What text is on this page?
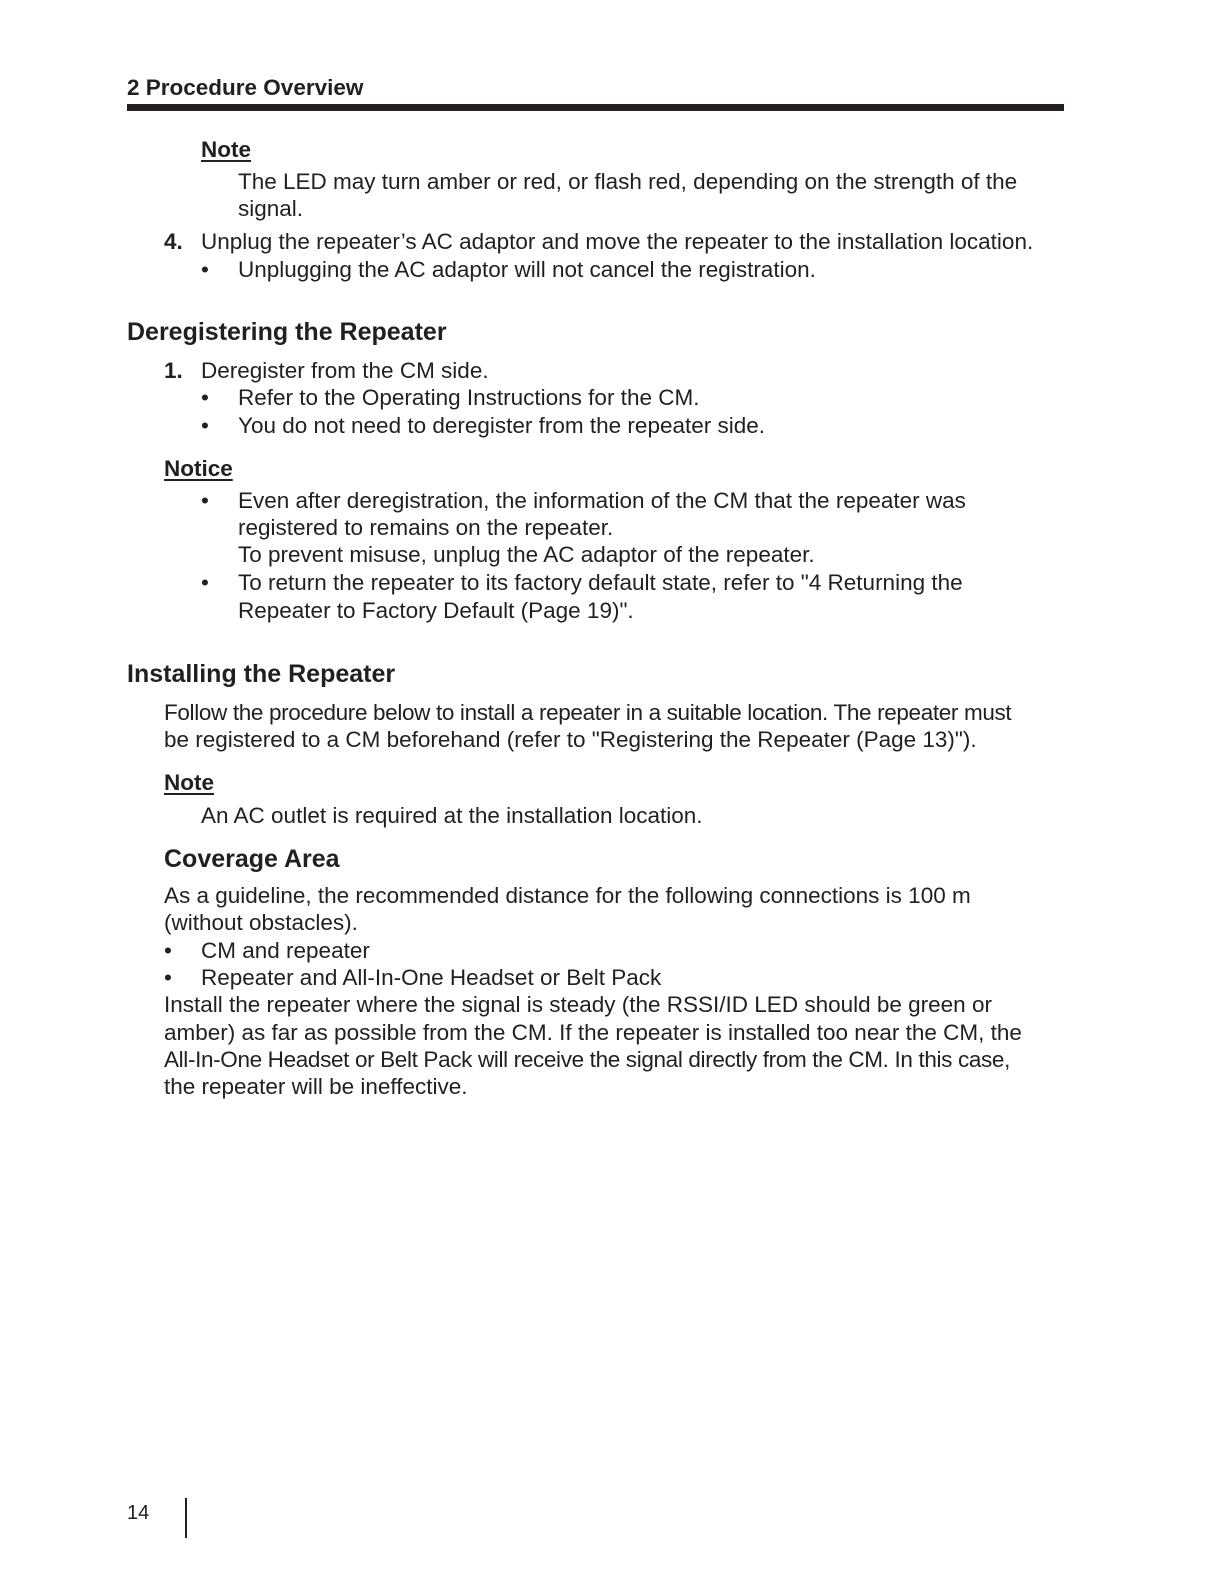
2 Procedure Overview
Note
The LED may turn amber or red, or flash red, depending on the strength of the
signal.
4. Unplug the repeater’s AC adaptor and move the repeater to the installation location.
• Unplugging the AC adaptor will not cancel the registration.
Deregistering the Repeater
1. Deregister from the CM side.
• Refer to the Operating Instructions for the CM.
• You do not need to deregister from the repeater side.
Notice
• Even after deregistration, the information of the CM that the repeater was
registered to remains on the repeater.
To prevent misuse, unplug the AC adaptor of the repeater.
• To return the repeater to its factory default state, refer to "4 Returning the
Repeater to Factory Default (Page 19)".
Installing the Repeater
Follow the procedure below to install a repeater in a suitable location. The repeater must
be registered to a CM beforehand (refer to "Registering the Repeater (Page 13)").
Note
An AC outlet is required at the installation location.
Coverage Area
As a guideline, the recommended distance for the following connections is 100 m
(without obstacles).
• CM and repeater
• Repeater and All-In-One Headset or Belt Pack
Install the repeater where the signal is steady (the RSSI/ID LED should be green or
amber) as far as possible from the CM. If the repeater is installed too near the CM, the
All-In-One Headset or Belt Pack will receive the signal directly from the CM. In this case,
the repeater will be ineffective.
14
